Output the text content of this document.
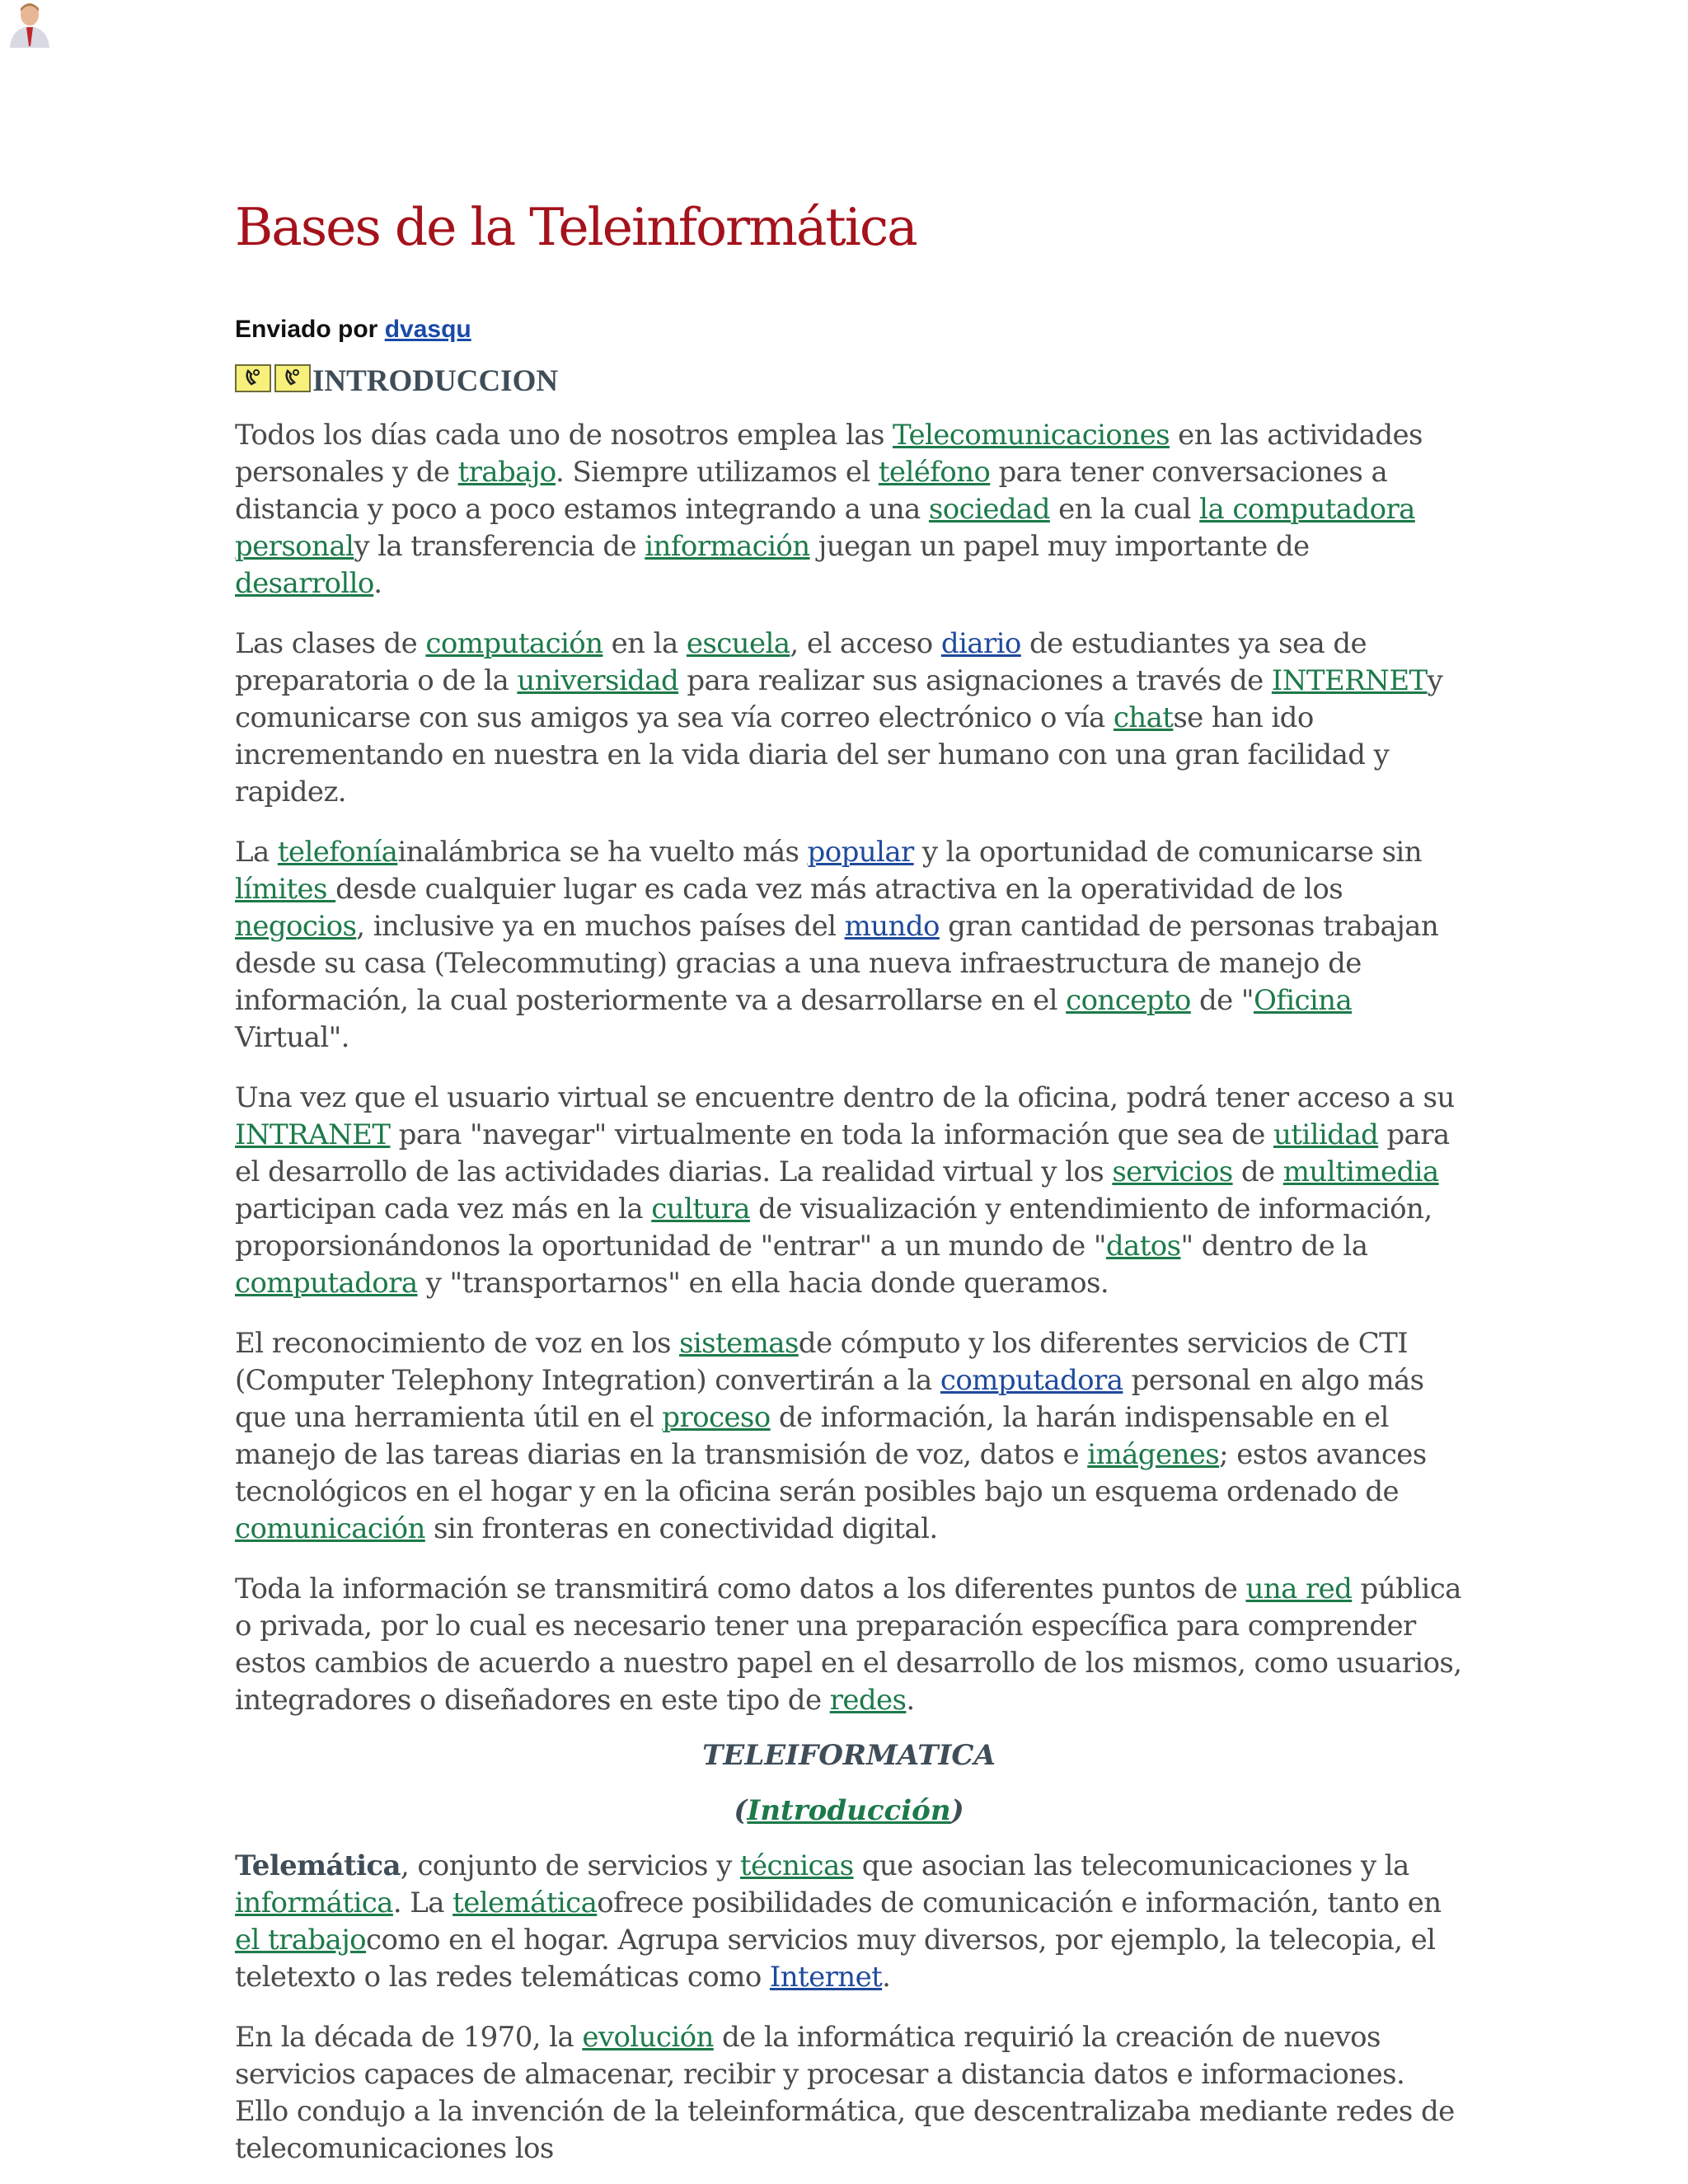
Bases de la Teleinformática
Enviado por dvasqu
INTRODUCCION

Todos los días cada uno de nosotros emplea las Telecomunicaciones en las actividades personales y de trabajo. Siempre utilizamos el teléfono para tener conversaciones a distancia y poco a poco estamos integrando a una sociedad en la cual la computadora personaly la transferencia de información juegan un papel muy importante de desarrollo.

Las clases de computación en la escuela, el acceso diario de estudiantes ya sea de preparatoria o de la universidad para realizar sus asignaciones a través de INTERNETy comunicarse con sus amigos ya sea vía correo electrónico o vía chatse han ido incrementando en nuestra en la vida diaria del ser humano con una gran facilidad y rapidez.

La telefoníainalámbrica se ha vuelto más popular y la oportunidad de comunicarse sin límites desde cualquier lugar es cada vez más atractiva en la operatividad de los negocios, inclusive ya en muchos países del mundo gran cantidad de personas trabajan desde su casa (Telecommuting) gracias a una nueva infraestructura de manejo de información, la cual posteriormente va a desarrollarse en el concepto de "Oficina Virtual".

Una vez que el usuario virtual se encuentre dentro de la oficina, podrá tener acceso a su INTRANET para "navegar" virtualmente en toda la información que sea de utilidad para el desarrollo de las actividades diarias. La realidad virtual y los servicios de multimedia participan cada vez más en la cultura de visualización y entendimiento de información, proporsionándonos la oportunidad de "entrar" a un mundo de "datos" dentro de la computadora y "transportarnos" en ella hacia donde queramos.

El reconocimiento de voz en los sistemasde cómputo y los diferentes servicios de CTI (Computer Telephony Integration) convertirán a la computadora personal en algo más que una herramienta útil en el proceso de información, la harán indispensable en el manejo de las tareas diarias en la transmisión de voz, datos e imágenes; estos avances tecnológicos en el hogar y en la oficina serán posibles bajo un esquema ordenado de comunicación sin fronteras en conectividad digital.

Toda la información se transmitirá como datos a los diferentes puntos de una red pública o privada, por lo cual es necesario tener una preparación específica para comprender estos cambios de acuerdo a nuestro papel en el desarrollo de los mismos, como usuarios, integradores o diseñadores en este tipo de redes.

TELEIFORMATICA
(Introducción)

Telemática, conjunto de servicios y técnicas que asocian las telecomunicaciones y la informática. La telemáticaofrece posibilidades de comunicación e información, tanto en el trabajocomo en el hogar. Agrupa servicios muy diversos, por ejemplo, la telecopia, el teletexto o las redes telemáticas como Internet.

En la década de 1970, la evolución de la informática requirió la creación de nuevos servicios capaces de almacenar, recibir y procesar a distancia datos e informaciones. Ello condujo a la invención de la teleinformática, que descentralizaba mediante redes de telecomunicaciones los
